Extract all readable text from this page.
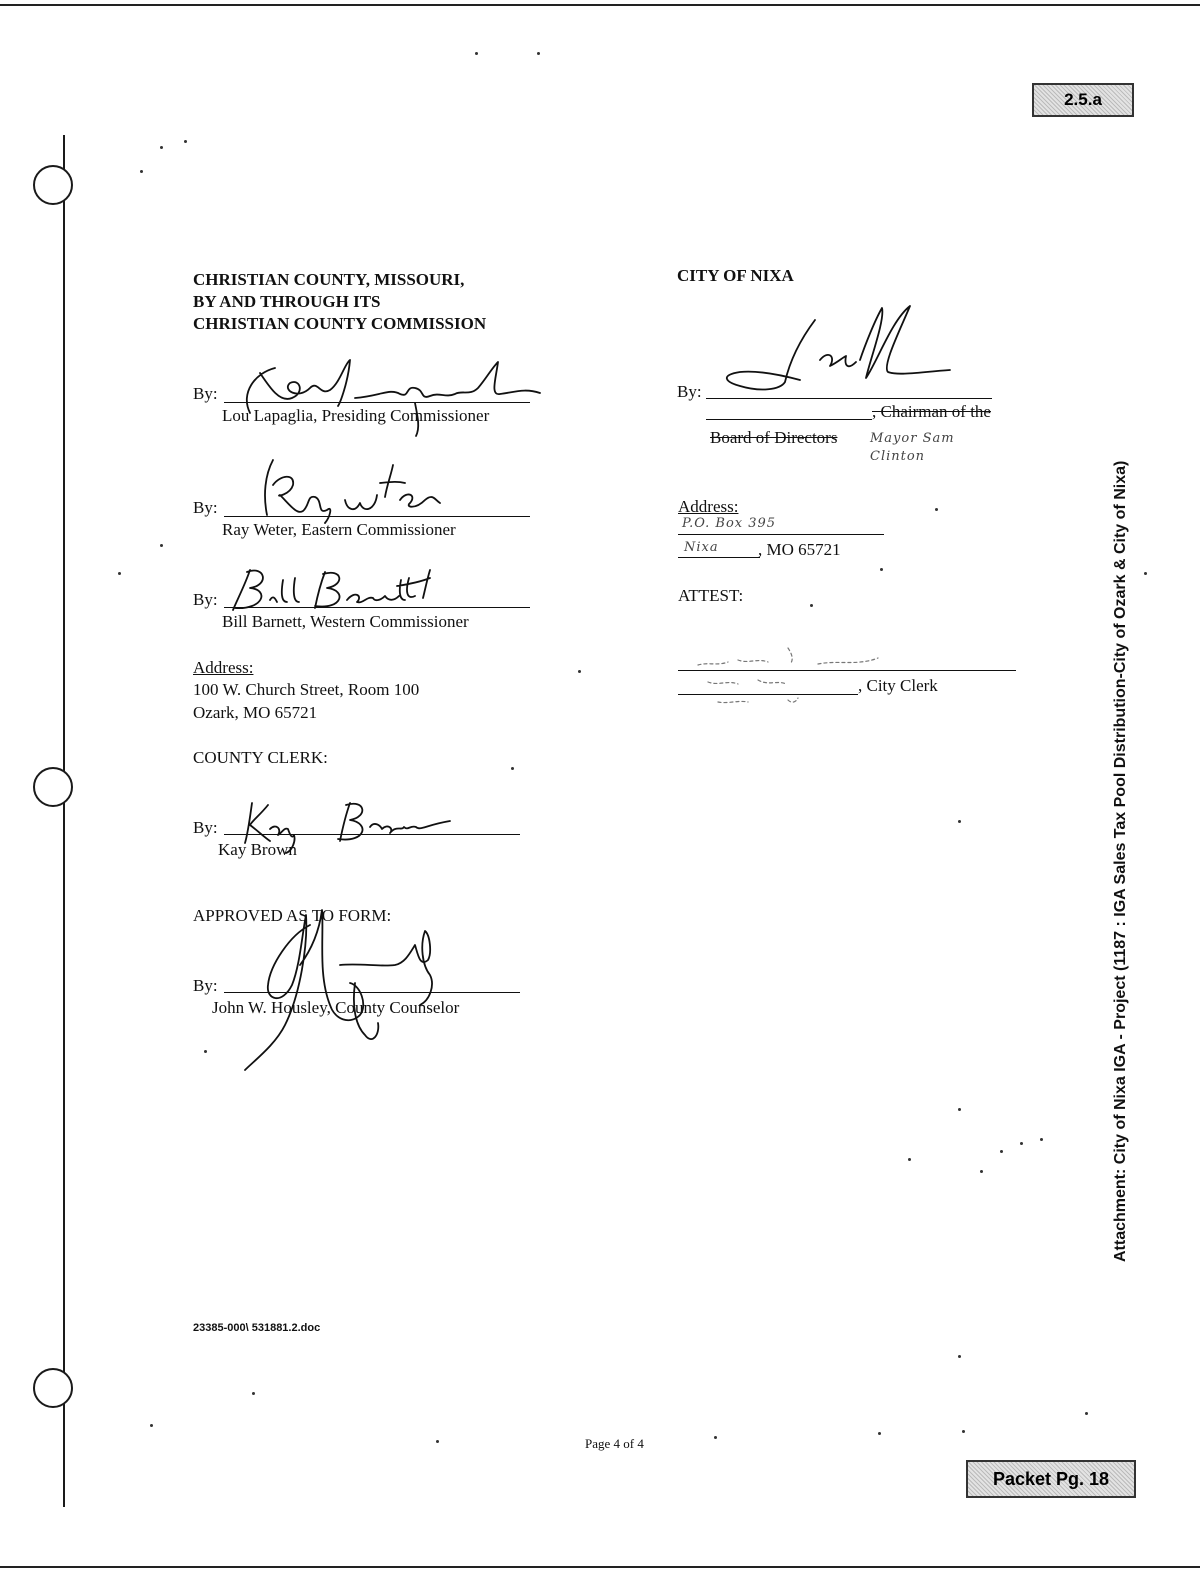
2.5.a
CHRISTIAN COUNTY, MISSOURI,
BY AND THROUGH ITS
CHRISTIAN COUNTY COMMISSION
By:
Lou Lapaglia, Presiding Commissioner
By:
Ray Weter, Eastern Commissioner
By:
Bill Barnett, Western Commissioner
Address:
100 W. Church Street, Room 100
Ozark, MO 65721
COUNTY CLERK:
By:
Kay Brown
APPROVED AS TO FORM:
By:
John W. Housley, County Counselor
CITY OF NIXA
By:
, Chairman of the
Board of Directors	Mayor Sam Clinton
Address:
P.O. Box 395
Nixa , MO 65721
ATTEST:
, City Clerk
23385-000\ 531881.2.doc
Page 4 of 4
Packet Pg. 18
Attachment: City of Nixa IGA - Project (1187 : IGA Sales Tax Pool Distribution-City of Ozark & City of Nixa)
